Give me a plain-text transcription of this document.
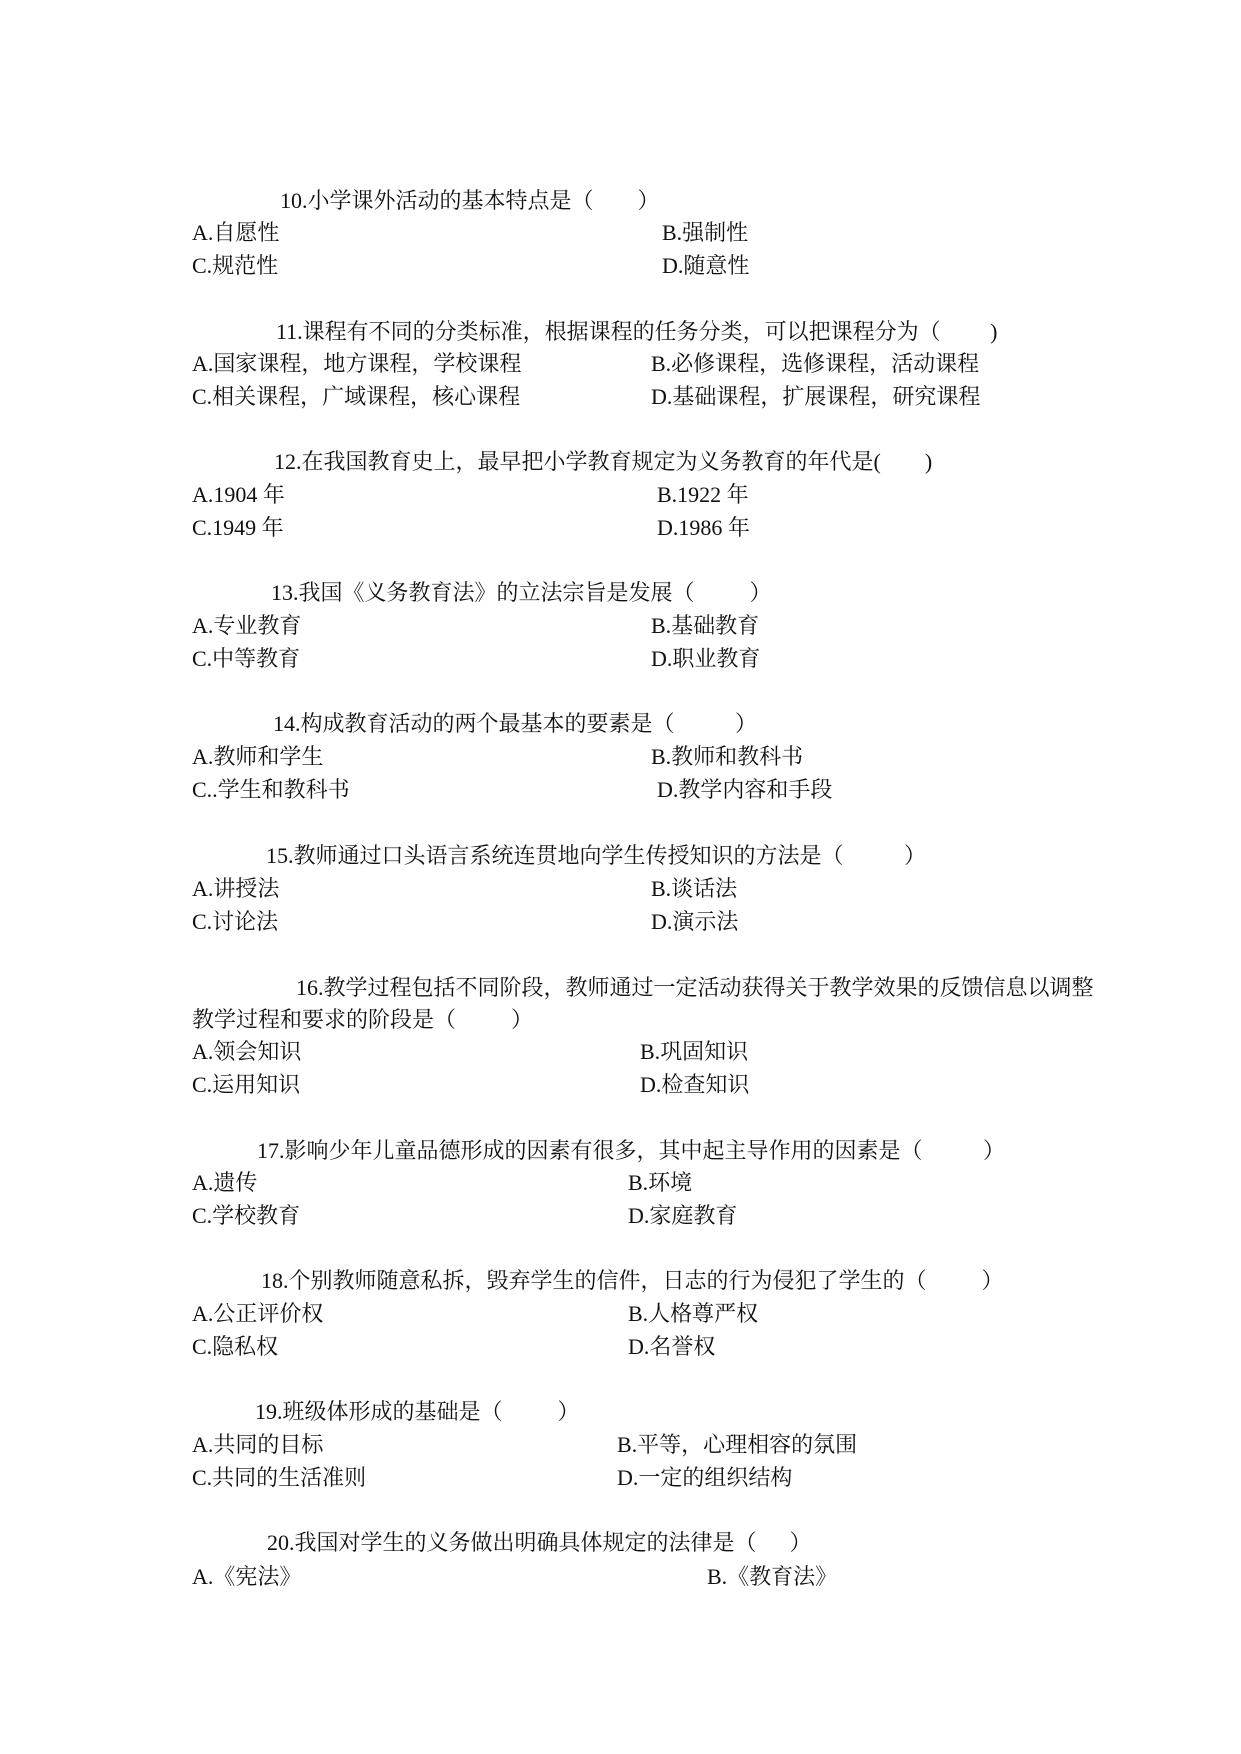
10.小学课外活动的基本特点是（        ）
A.自愿性	B.强制性
C.规范性	D.随意性
11.课程有不同的分类标准，根据课程的任务分类，可以把课程分为（         )
A.国家课程，地方课程，学校课程	B.必修课程，选修课程，活动课程
C.相关课程，广域课程，核心课程	D.基础课程，扩展课程，研究课程
12.在我国教育史上，最早把小学教育规定为义务教育的年代是(        )
A.1904 年	B.1922 年
C.1949 年	D.1986 年
13.我国《义务教育法》的立法宗旨是发展（          ）
A.专业教育	B.基础教育
C.中等教育	D.职业教育
14.构成教育活动的两个最基本的要素是（           ）
A.教师和学生	B.教师和教科书
C..学生和教科书	D.教学内容和手段
15.教师通过口头语言系统连贯地向学生传授知识的方法是（           ）
A.讲授法	B.谈话法
C.讨论法	D.演示法
16.教学过程包括不同阶段，教师通过一定活动获得关于教学效果的反馈信息以调整
教学过程和要求的阶段是（          ）
A.领会知识	B.巩固知识
C.运用知识	D.检查知识
17.影响少年儿童品德形成的因素有很多，其中起主导作用的因素是（           ）
A.遗传	B.环境
C.学校教育	D.家庭教育
18.个别教师随意私拆，毁弃学生的信件，日志的行为侵犯了学生的（          ）
A.公正评价权	B.人格尊严权
C.隐私权	D.名誉权
19.班级体形成的基础是（          ）
A.共同的目标	B.平等，心理相容的氛围
C.共同的生活准则	D.一定的组织结构
20.我国对学生的义务做出明确具体规定的法律是（      ）
A.《宪法》	B.《教育法》
